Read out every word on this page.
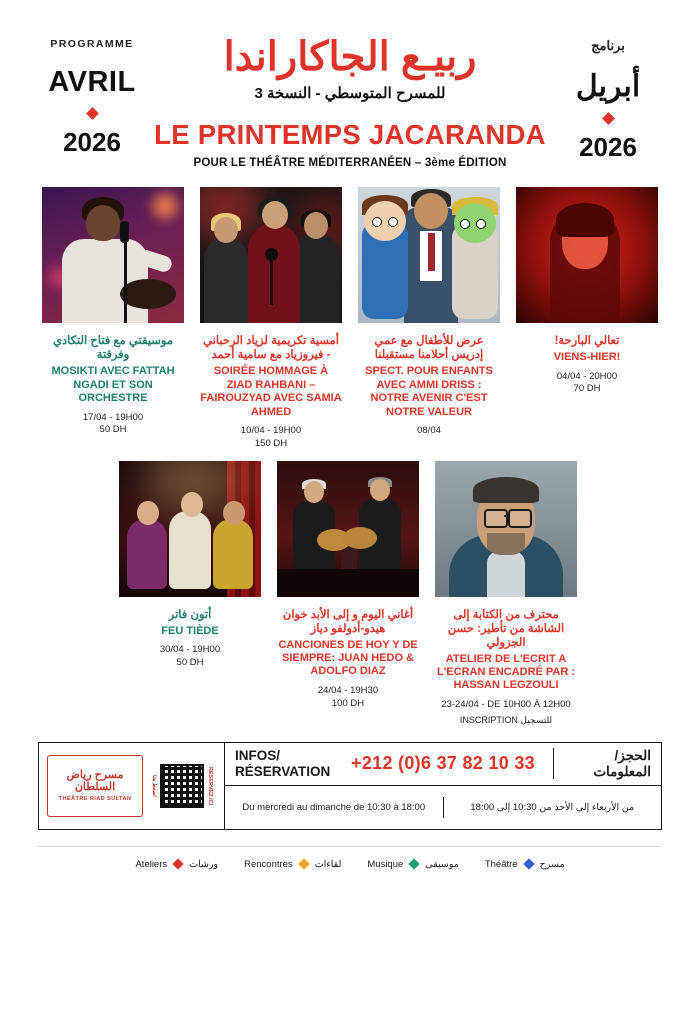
PROGRAMME
AVRIL
2026
ربيـع الجاكاراندا
للمسرح المتوسطي - النسخة 3
LE PRINTEMPS JACARANDA
POUR LE THÉÂTRE MÉDITERRANÉEN – 3ème ÉDITION
برنامج
أبريل
2026
موسيقتي مع فتاح التكادي وفرقتة
MOSIKTI AVEC FATTAH NGADI ET SON ORCHESTRE
17/04 - 19H00
50 DH
أمسية تكريمية لزياد الرحباني - فيروزياد مع سامية أحمد
SOIRÉE HOMMAGE À ZIAD RAHBANI – FAIROUZYAD AVEC SAMIA AHMED
10/04 - 19H00
150 DH
عرض للأطفال مع عمي إدريس أحلامنا مستقبلنا
SPECT. POUR ENFANTS AVEC AMMI DRISS : NOTRE AVENIR C'EST NOTRE VALEUR
08/04
تعالي البارحة!
VIENS-HIER!
04/04 - 20H00
70 DH
أتون فاتر
FEU TIÈDE
30/04 - 19H00
50 DH
أغاني اليوم و إلى الأبد خوان هيدو-أدولفو دياز
CANCIONES DE HOY Y DE SIEMPRE: JUAN HEDO & ADOLFO DIAZ
24/04 - 19H30
100 DH
محترف من الكتابة إلى الشاشة من تأطير: حسن الجزولي
ATELIER DE L'ECRIT A L'ECRAN ENCADRÉ PAR : HASSAN LEGZOULI
23-24/04 - DE 10H00 À 12H00
INSCRIPTION للتسجيل
مسرح رياض السلطان
THÉÂTRE RIAD SULTAN
اضغط هنا	RÉSERVEZ ICI
INFOS/ RÉSERVATION	+212 (0)6 37 82 10 33	الحجز/ المعلومات
Du mercredi au dimanche de 10:30 à 18:00	من الأربعاء إلى الأحد من 10:30 إلى 18:00
Ateliers ورشات	Rencontres لقاءات	Musique موسيقى	Théâtre مسرح
